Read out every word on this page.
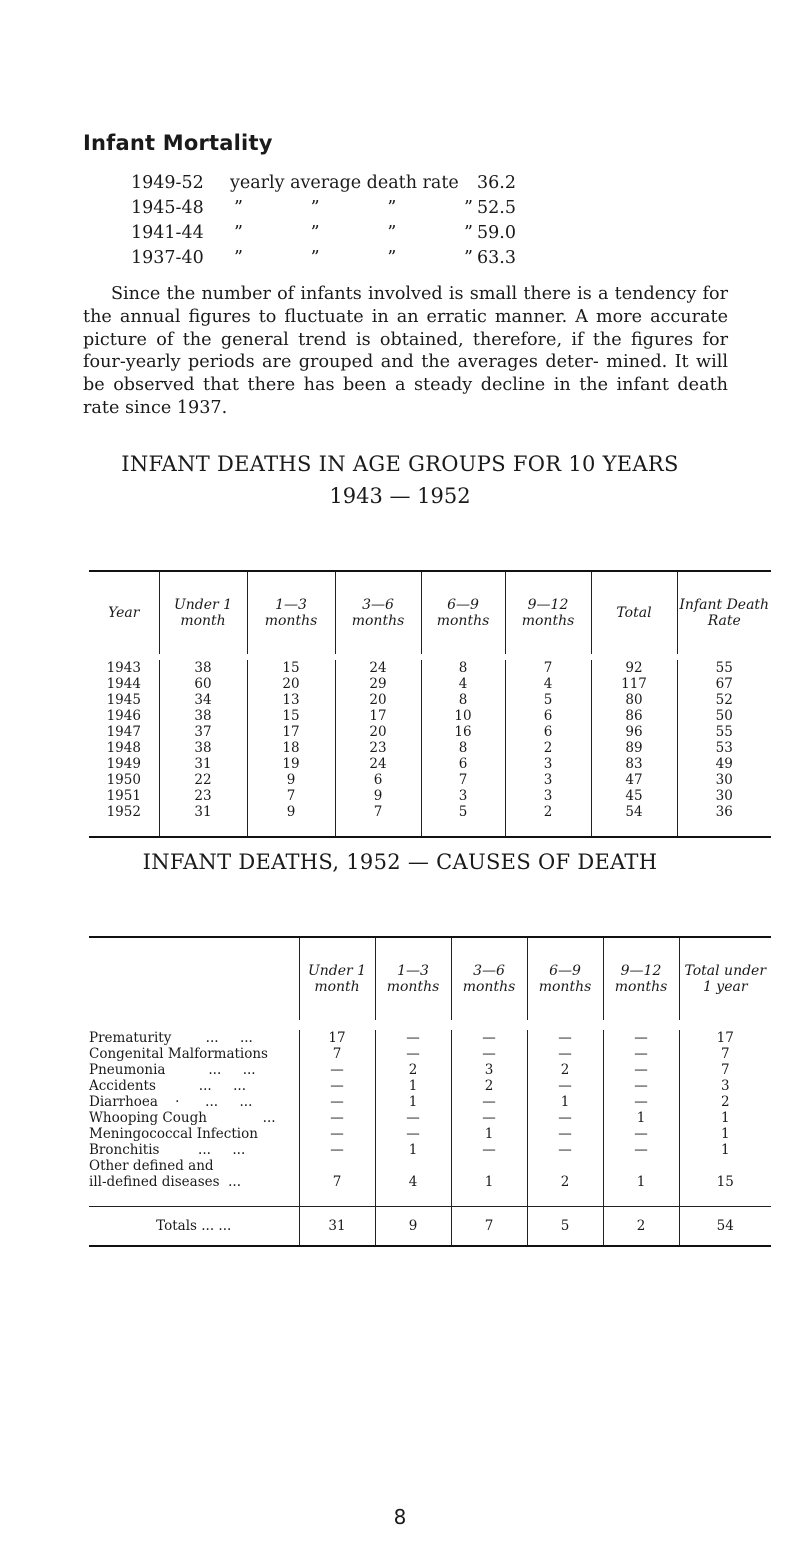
Infant Mortality
1949-52	yearly average death rate	36.2
1945-48	”	”	”	” 52.5
1941-44	”	”	”	” 59.0
1937-40	”	”	”	” 63.3

Since the number of infants involved is small there is a tendency for the annual figures to fluctuate in an erratic manner. A more accurate picture of the general trend is obtained, therefore, if the figures for four-yearly periods are grouped and the averages deter- mined. It will be observed that there has been a steady decline in the infant death rate since 1937.

INFANT DEATHS IN AGE GROUPS FOR 10 YEARS
1943 — 1952
Year	Under 1 month	1—3 months	3—6 months	6—9 months	9—12 months	Total	Infant Death Rate

1943	38	15	24	8	7	92	55
1944	60	20	29	4	4	117	67
1945	34	13	20	8	5	80	52
1946	38	15	17	10	6	86	50
1947	37	17	20	16	6	96	55
1948	38	18	23	8	2	89	53
1949	31	19	24	6	3	83	49
1950	22	9	6	7	3	47	30
1951	23	7	9	3	3	45	30
1952	31	9	7	5	2	54	36

INFANT DEATHS, 1952 — CAUSES OF DEATH
	Under 1 month	1—3 months	3—6 months	6—9 months	9—12 months	Total under 1 year

Prematurity        ...     ...	17	—	—	—	—	17
Congenital Malformations	7	—	—	—	—	7
Pneumonia          ...     ...	—	2	3	2	—	7
Accidents          ...     ...	—	1	2	—	—	3
Diarrhoea    ·      ...     ...	—	1	—	1	—	2
Whooping Cough             ...	—	—	—	—	1	1
Meningococcal Infection	—	—	1	—	—	1
Bronchitis         ...     ...	—	1	—	—	—	1
Other defined and						
ill-defined diseases  ...	7	4	1	2	1	15

Totals ... ...	31	9	7	5	2	54
8
